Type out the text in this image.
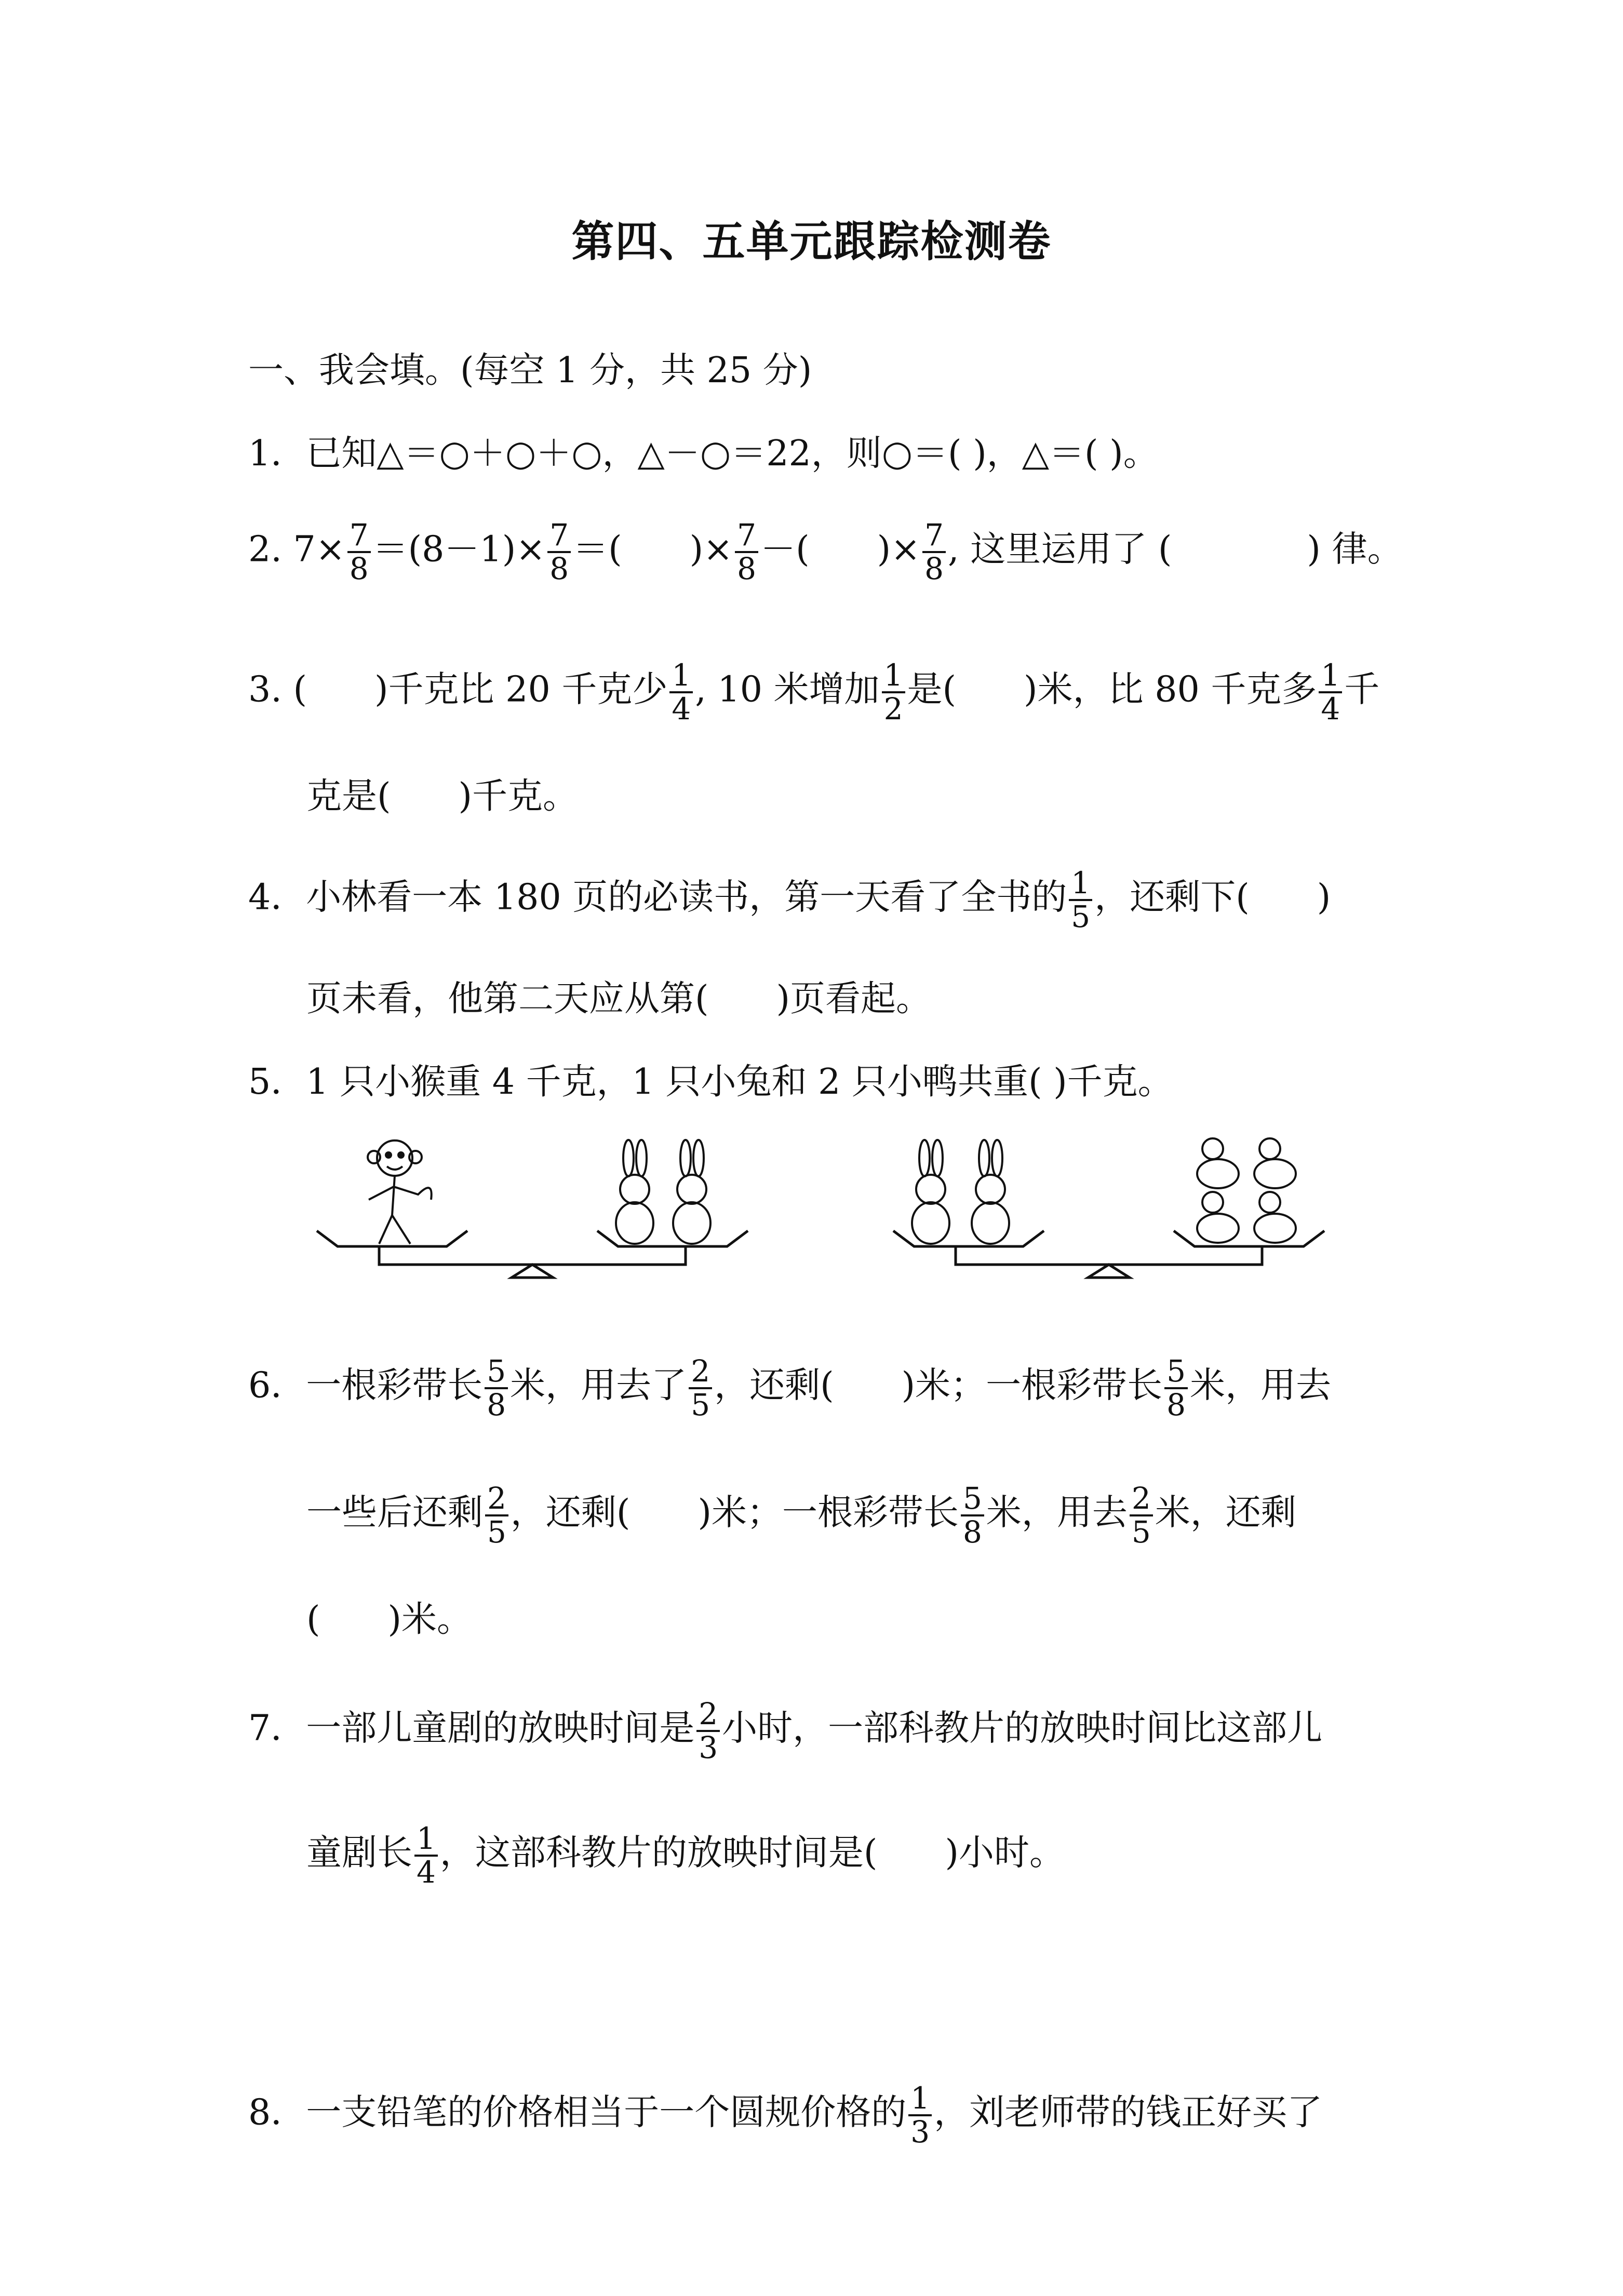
第四、五单元跟踪检测卷
一、我会填。(每空 1 分，共 25 分)
1．已知△＝○＋○＋○，△－○＝22，则○＝( )，△＝( )。
2. $7\times \frac{7}{8} =(8-1)\times \frac{7}{8}$ ＝( )× $\frac{7}{8}$ －( )× $\frac{7}{8}$ , 这里运用了 (	) 律。
3. ( )千克比 20 千克少 $\frac{1}{4}$ , 10 米增加 $\frac{1}{2}$ 是( )米，比 80 千克多 $\frac{1}{4}$ 千
克是( )千克。
4．小林看一本 180 页的必读书，第一天看了全书的 $\frac{1}{5}$ ，还剩下( )
页未看，他第二天应从第( )页看起。
5．1 只小猴重 4 千克，1 只小兔和 2 只小鸭共重( )千克。
6．一根彩带长 $\frac{5}{8}$ 米，用去了 $\frac{2}{5}$ ，还剩( )米；一根彩带长 $\frac{5}{8}$ 米，用去
一些后还剩 $\frac{2}{5}$ ，还剩( )米；一根彩带长 $\frac{5}{8}$ 米，用去 $\frac{2}{5}$ 米，还剩
( )米。
7．一部儿童剧的放映时间是 $\frac{2}{3}$ 小时，一部科教片的放映时间比这部儿
童剧长 $\frac{1}{4}$ ，这部科教片的放映时间是( )小时。
8．一支铅笔的价格相当于一个圆规价格的 $\frac{1}{3}$ ，刘老师带的钱正好买了
